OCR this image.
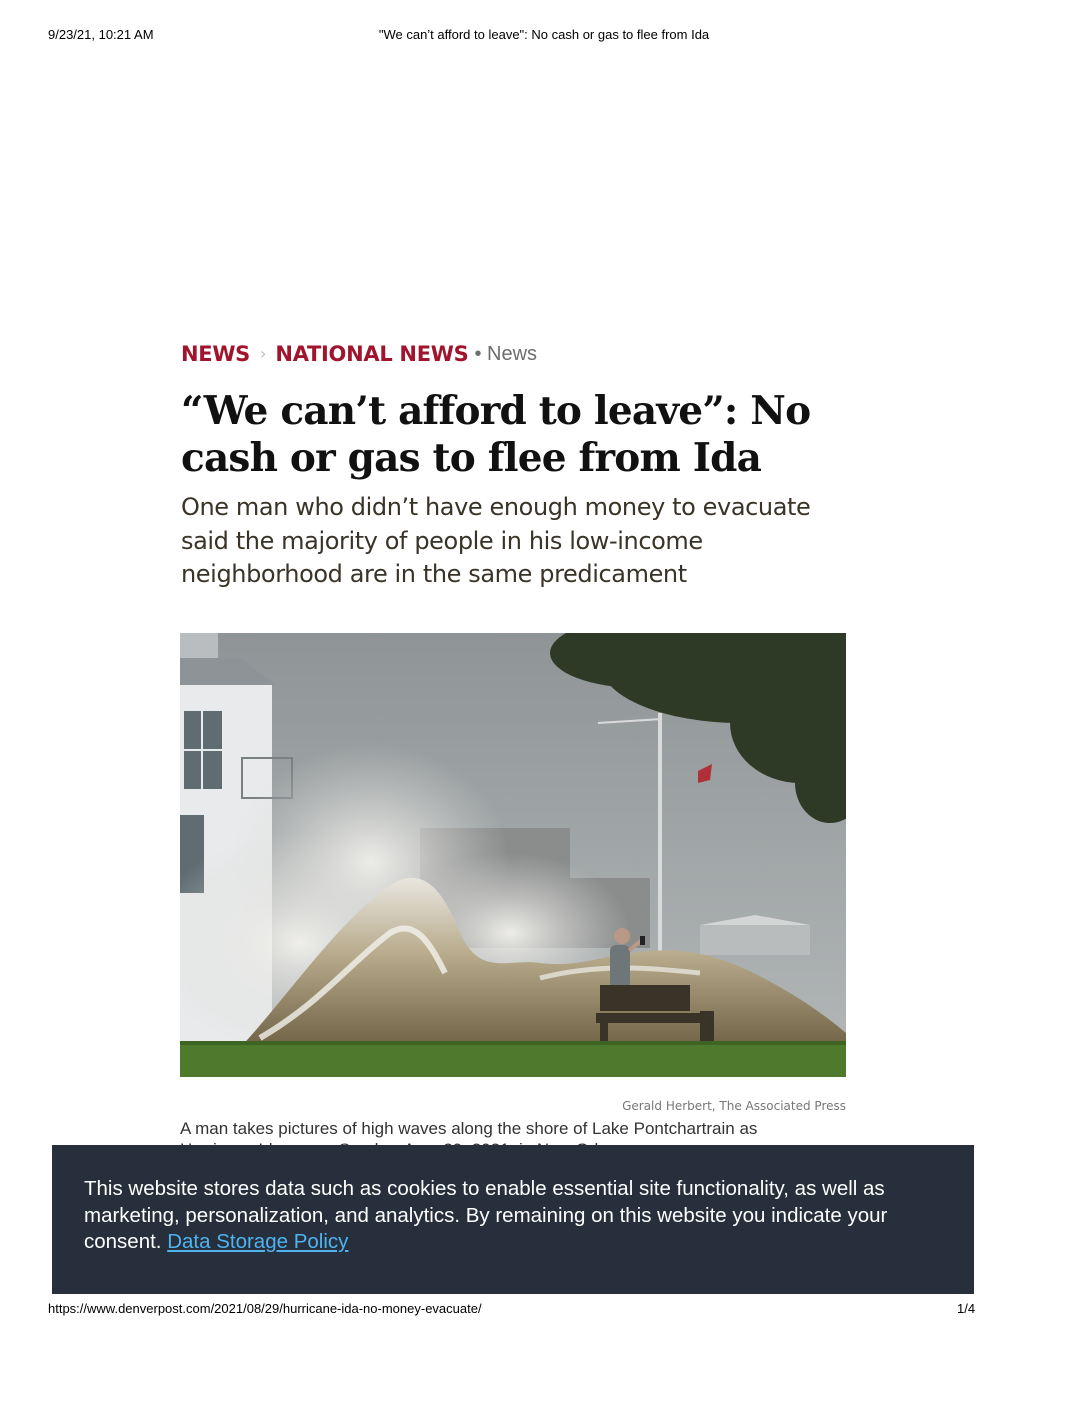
9/23/21, 10:21 AM	"We can’t afford to leave": No cash or gas to flee from Ida
NEWS › NATIONAL NEWS • News
“We can’t afford to leave”: No cash or gas to flee from Ida

One man who didn’t have enough money to evacuate said the majority of people in his low-income neighborhood are in the same predicament

Gerald Herbert, The Associated Press

A man takes pictures of high waves along the shore of Lake Pontchartrain as

This website stores data such as cookies to enable essential site functionality, as well as marketing, personalization, and analytics. By remaining on this website you indicate your consent. Data Storage Policy

https://www.denverpost.com/2021/08/29/hurricane-ida-no-money-evacuate/	1/4
